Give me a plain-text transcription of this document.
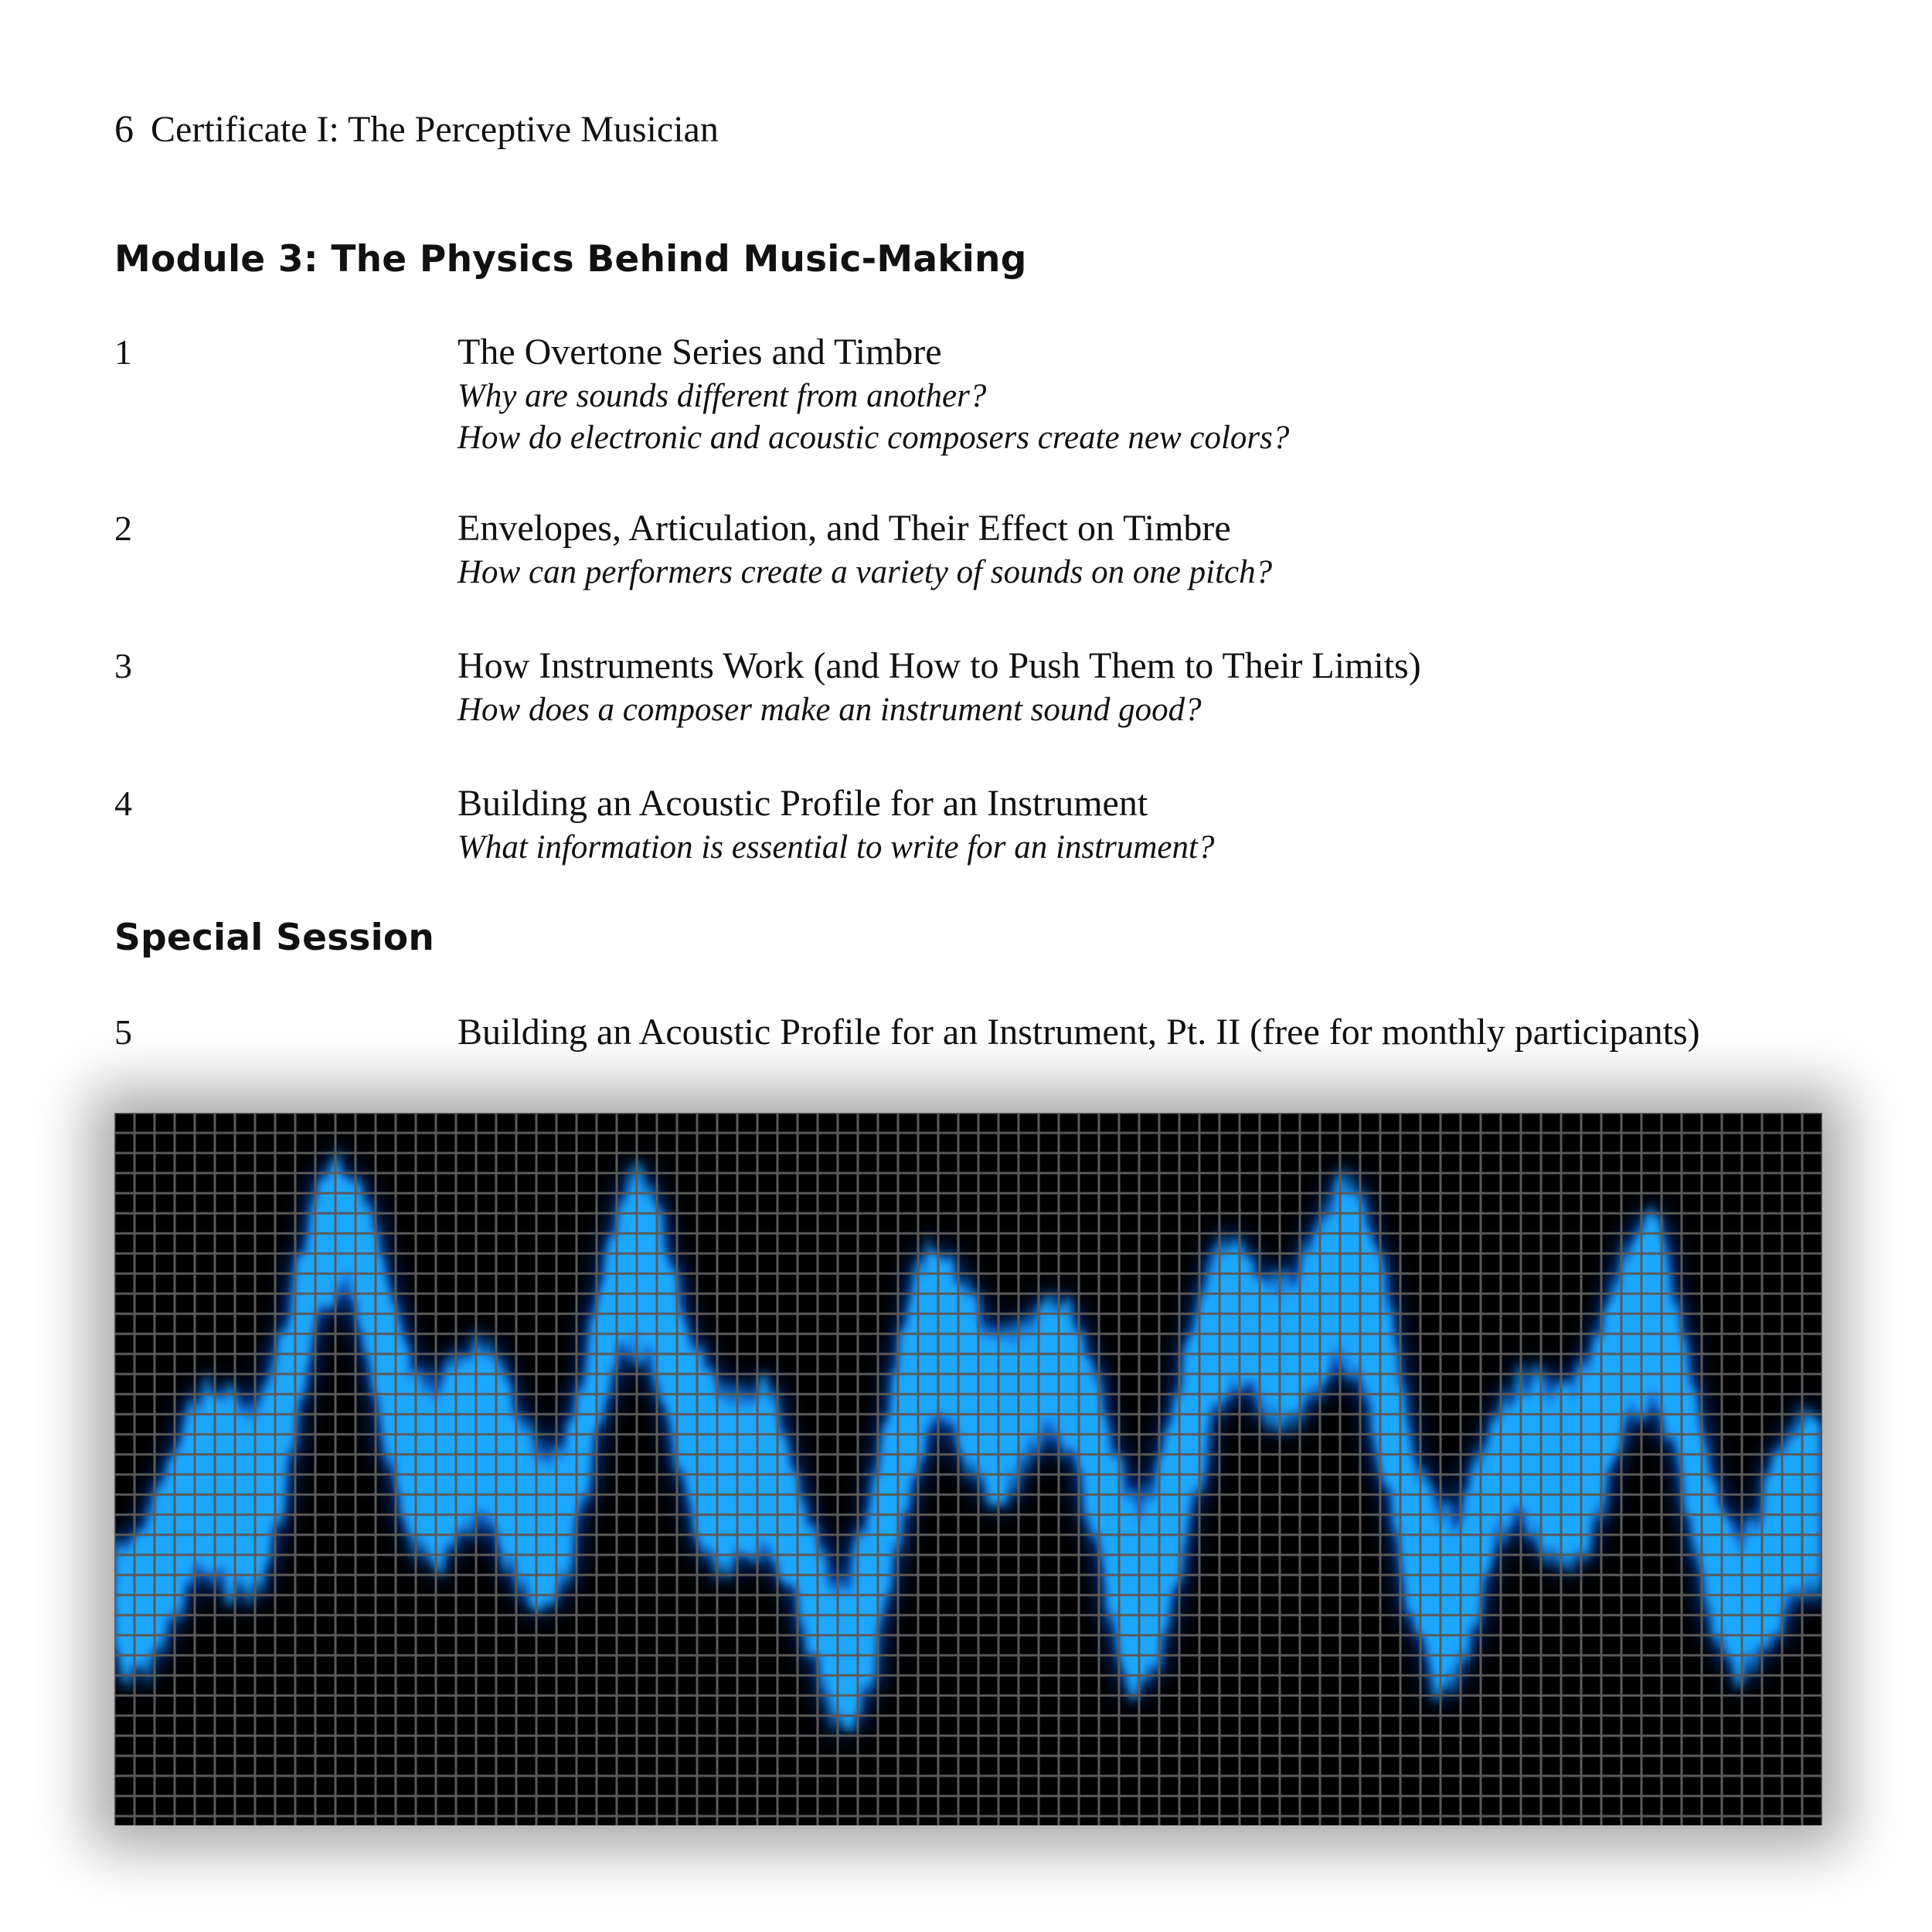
6 Certificate I: The Perceptive Musician
Module 3: The Physics Behind Music-Making
1	The Overtone Series and Timbre
Why are sounds different from another?
How do electronic and acoustic composers create new colors?
2	Envelopes, Articulation, and Their Effect on Timbre
How can performers create a variety of sounds on one pitch?
3	How Instruments Work (and How to Push Them to Their Limits)
How does a composer make an instrument sound good?
4	Building an Acoustic Profile for an Instrument
What information is essential to write for an instrument?
Special Session
5	Building an Acoustic Profile for an Instrument, Pt. II (free for monthly participants)
